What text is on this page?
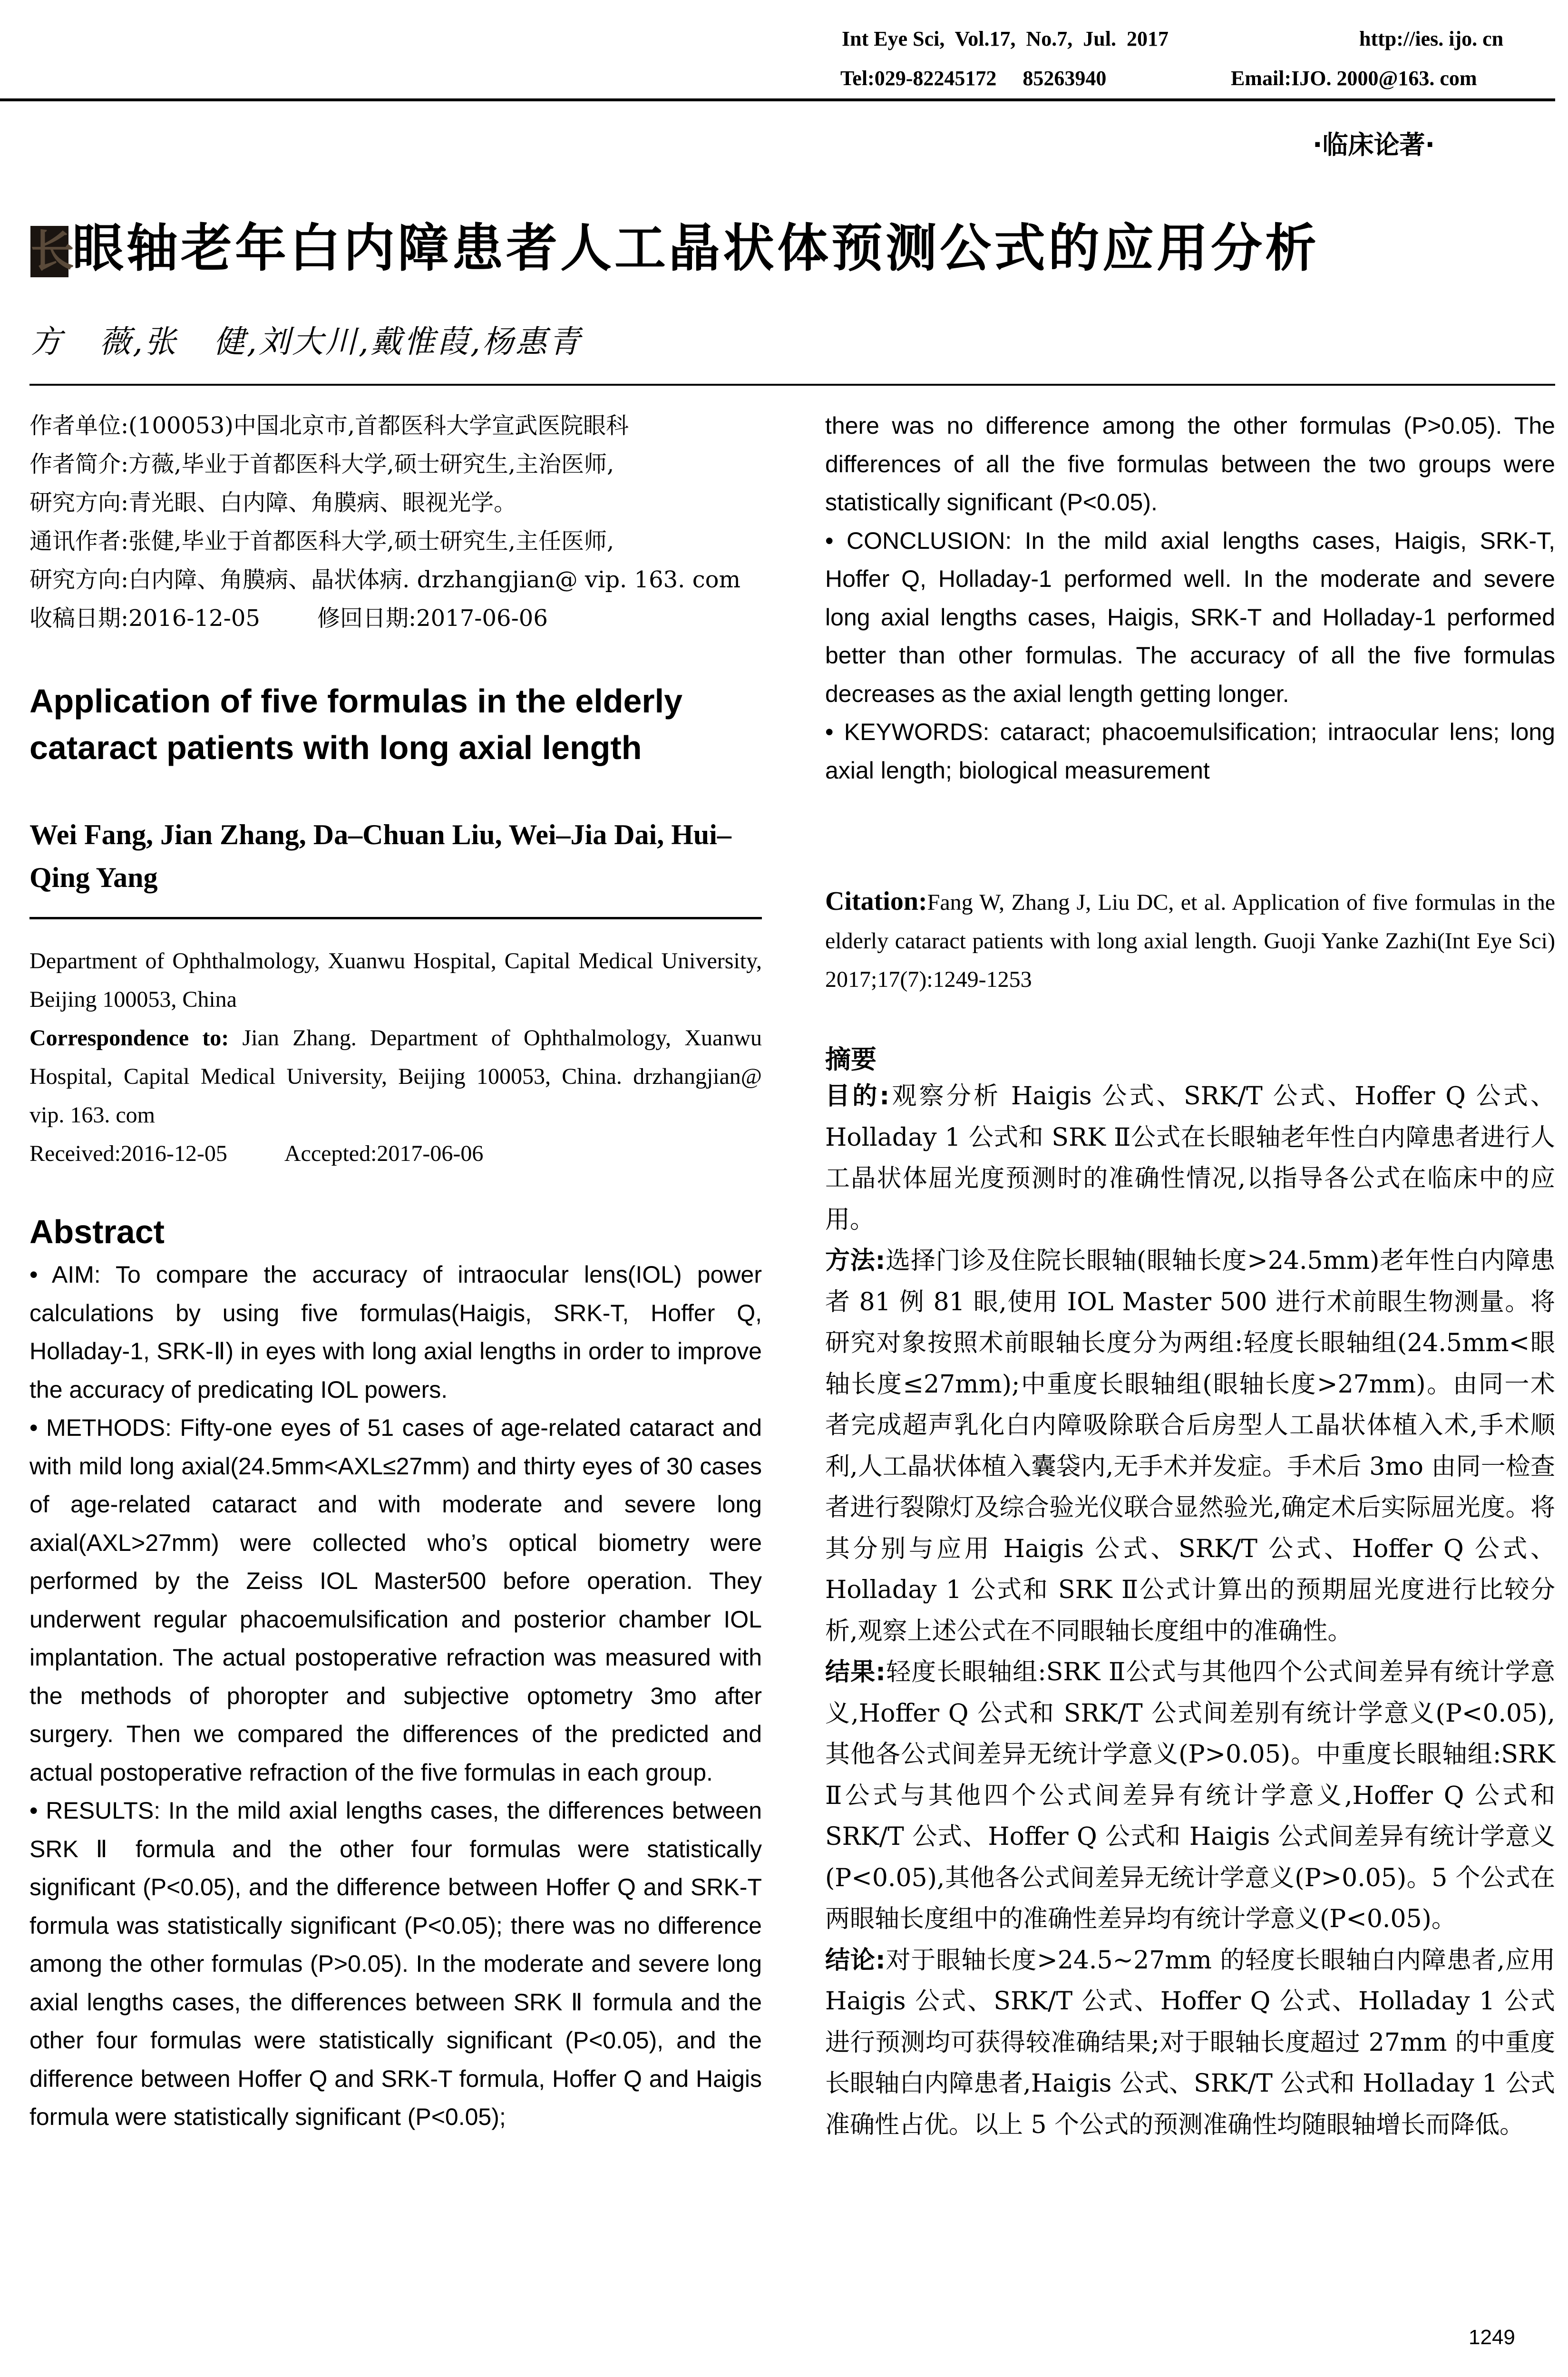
Int Eye Sci,  Vol.17,  No.7,  Jul.  2017	http://ies. ijo. cn
Tel:029-82245172     85263940	Email:IJO. 2000@163. com
·临床论著·
长眼轴老年白内障患者人工晶状体预测公式的应用分析
方   薇,张   健,刘大川,戴惟葭,杨惠青
作者单位:(100053)中国北京市,首都医科大学宣武医院眼科
作者简介:方薇,毕业于首都医科大学,硕士研究生,主治医师,
研究方向:青光眼、白内障、角膜病、眼视光学。
通讯作者:张健,毕业于首都医科大学,硕士研究生,主任医师,
研究方向:白内障、角膜病、晶状体病. drzhangjian@ vip. 163. com
收稿日期:2016-12-05	修回日期:2017-06-06
Application of five formulas in the elderly cataract patients with long axial length
Wei Fang, Jian Zhang, Da–Chuan Liu, Wei–Jia Dai, Hui–Qing Yang
Department of Ophthalmology, Xuanwu Hospital, Capital Medical University, Beijing 100053, China
Correspondence to: Jian Zhang. Department of Ophthalmology, Xuanwu Hospital, Capital Medical University, Beijing 100053, China. drzhangjian@ vip. 163. com
Received:2016-12-05	Accepted:2017-06-06
Abstract

• AIM: To compare the accuracy of intraocular lens(IOL) power calculations by using five formulas(Haigis, SRK-T, Hoffer Q, Holladay-1, SRK-Ⅱ) in eyes with long axial lengths in order to improve the accuracy of predicating IOL powers.

• METHODS: Fifty-one eyes of 51 cases of age-related cataract and with mild long axial(24.5mm<AXL≤27mm) and thirty eyes of 30 cases of age-related cataract and with moderate and severe long axial(AXL>27mm) were collected who’s optical biometry were performed by the Zeiss IOL Master500 before operation. They underwent regular phacoemulsification and posterior chamber IOL implantation. The actual postoperative refraction was measured with the methods of phoropter and subjective optometry 3mo after surgery. Then we compared the differences of the predicted and actual postoperative refraction of the five formulas in each group.

• RESULTS: In the mild axial lengths cases, the differences between SRK Ⅱ formula and the other four formulas were statistically significant (P<0.05), and the difference between Hoffer Q and SRK-T formula was statistically significant (P<0.05); there was no difference among the other formulas (P>0.05). In the moderate and severe long axial lengths cases, the differences between SRK Ⅱ formula and the other four formulas were statistically significant (P<0.05), and the difference between Hoffer Q and SRK-T formula, Hoffer Q and Haigis formula were statistically significant (P<0.05);

there was no difference among the other formulas (P>0.05). The differences of all the five formulas between the two groups were statistically significant (P<0.05).

• CONCLUSION: In the mild axial lengths cases, Haigis, SRK-T, Hoffer Q, Holladay-1 performed well. In the moderate and severe long axial lengths cases, Haigis, SRK-T and Holladay-1 performed better than other formulas. The accuracy of all the five formulas decreases as the axial length getting longer.

• KEYWORDS: cataract; phacoemulsification; intraocular lens; long axial length; biological measurement

Citation:Fang W, Zhang J, Liu DC, et al. Application of five formulas in the elderly cataract patients with long axial length. Guoji Yanke Zazhi(Int Eye Sci) 2017;17(7):1249-1253
摘要

目的:观察分析 Haigis 公式、SRK/T 公式、Hoffer Q 公式、Holladay 1 公式和 SRK Ⅱ公式在长眼轴老年性白内障患者进行人工晶状体屈光度预测时的准确性情况,以指导各公式在临床中的应用。

方法:选择门诊及住院长眼轴(眼轴长度>24.5mm)老年性白内障患者 81 例 81 眼,使用 IOL Master 500 进行术前眼生物测量。将研究对象按照术前眼轴长度分为两组:轻度长眼轴组(24.5mm<眼轴长度≤27mm);中重度长眼轴组(眼轴长度>27mm)。由同一术者完成超声乳化白内障吸除联合后房型人工晶状体植入术,手术顺利,人工晶状体植入囊袋内,无手术并发症。手术后 3mo 由同一检查者进行裂隙灯及综合验光仪联合显然验光,确定术后实际屈光度。将其分别与应用 Haigis 公式、SRK/T 公式、Hoffer Q 公式、Holladay 1 公式和 SRK Ⅱ公式计算出的预期屈光度进行比较分析,观察上述公式在不同眼轴长度组中的准确性。

结果:轻度长眼轴组:SRK Ⅱ公式与其他四个公式间差异有统计学意义,Hoffer Q 公式和 SRK/T 公式间差别有统计学意义(P<0.05),其他各公式间差异无统计学意义(P>0.05)。中重度长眼轴组:SRK Ⅱ公式与其他四个公式间差异有统计学意义,Hoffer Q 公式和 SRK/T 公式、Hoffer Q 公式和 Haigis 公式间差异有统计学意义(P<0.05),其他各公式间差异无统计学意义(P>0.05)。5 个公式在两眼轴长度组中的准确性差异均有统计学意义(P<0.05)。

结论:对于眼轴长度>24.5~27mm 的轻度长眼轴白内障患者,应用 Haigis 公式、SRK/T 公式、Hoffer Q 公式、Holladay 1 公式进行预测均可获得较准确结果;对于眼轴长度超过 27mm 的中重度长眼轴白内障患者,Haigis 公式、SRK/T 公式和 Holladay 1 公式准确性占优。以上 5 个公式的预测准确性均随眼轴增长而降低。

1249
